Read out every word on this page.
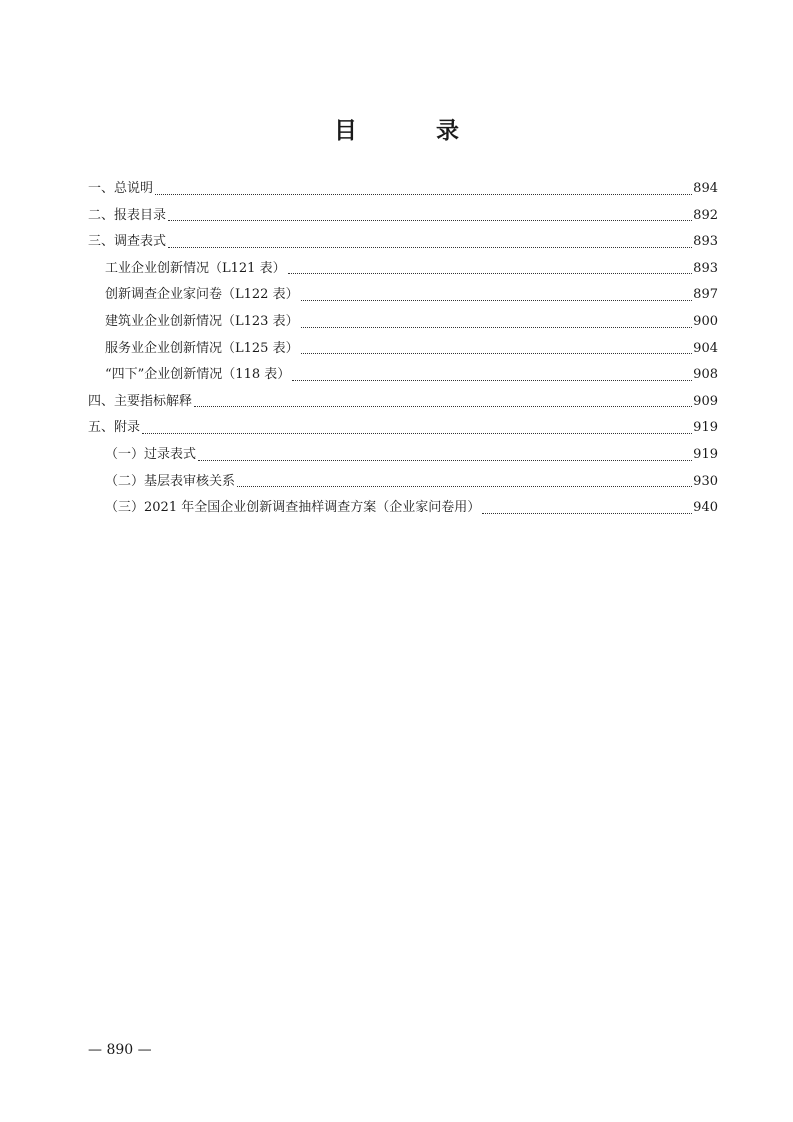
目　录
一、总说明	894
二、报表目录	892
三、调查表式	893
工业企业创新情况（L121 表）	893
创新调查企业家问卷（L122 表）	897
建筑业企业创新情况（L123 表）	900
服务业企业创新情况（L125 表）	904
“四下”企业创新情况（118 表）	908
四、主要指标解释	909
五、附录	919
（一）过录表式	919
（二）基层表审核关系	930
（三）2021 年全国企业创新调查抽样调查方案（企业家问卷用）	940
— 890 —
